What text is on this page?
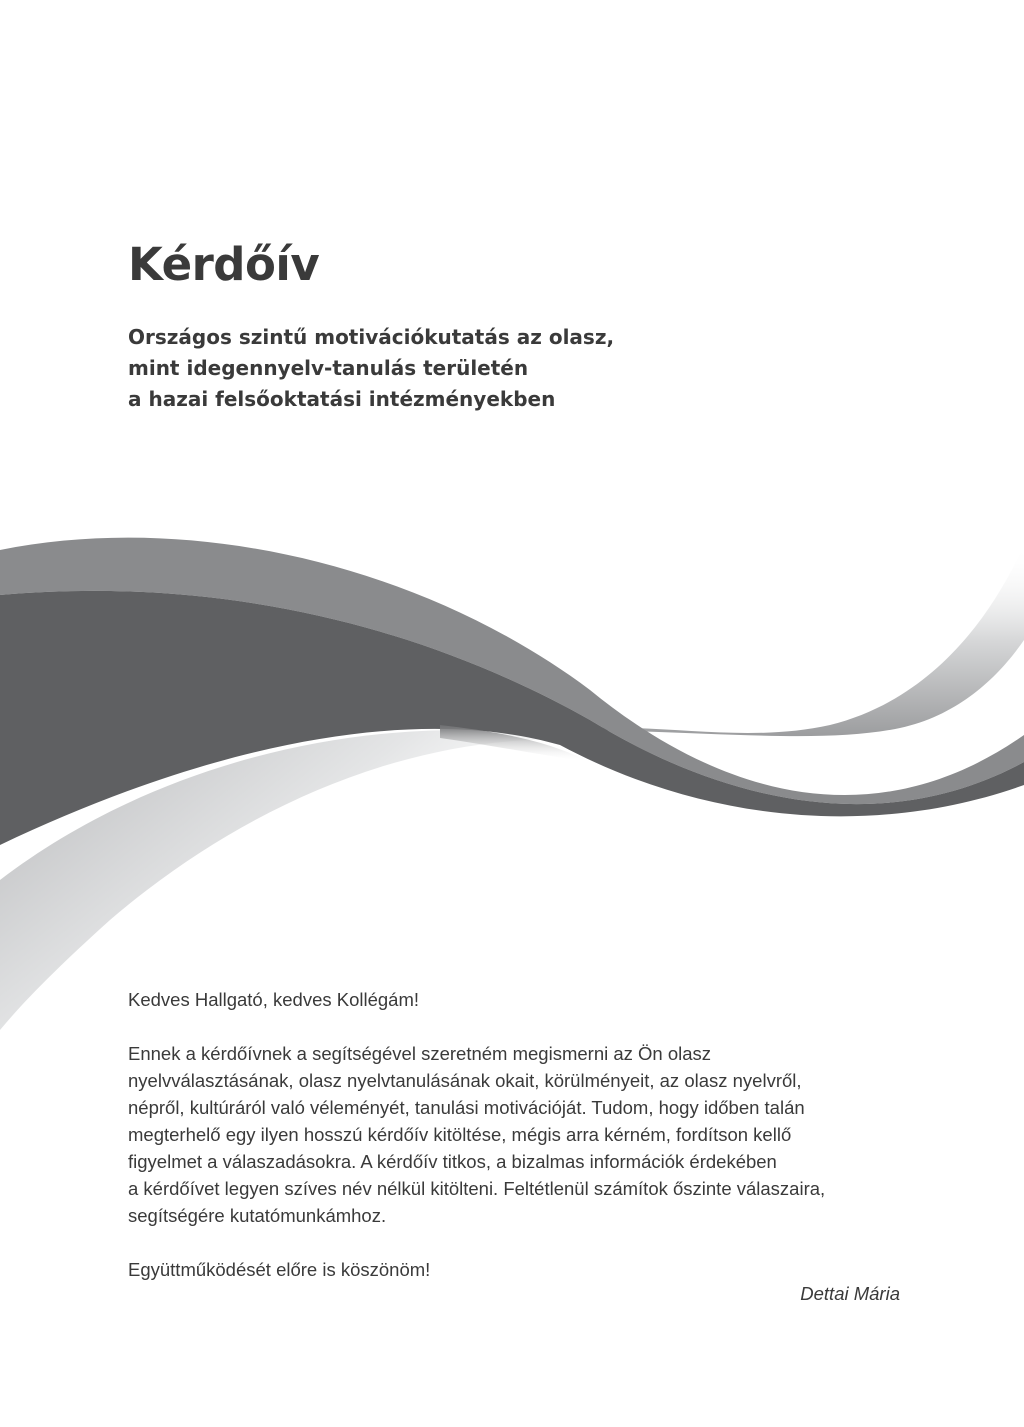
Kérdőív
Országos szintű motivációkutatás az olasz,
mint idegennyelv-tanulás területén
a hazai felsőoktatási intézményekben

Kedves Hallgató, kedves Kollégám!

Ennek a kérdőívnek a segítségével szeretném megismerni az Ön olasz
nyelvválasztásának, olasz nyelvtanulásának okait, körülményeit, az olasz nyelvről,
népről, kultúráról való véleményét, tanulási motivációját. Tudom, hogy időben talán
megterhelő egy ilyen hosszú kérdőív kitöltése, mégis arra kérném, fordítson kellő
figyelmet a válaszadásokra. A kérdőív titkos, a bizalmas információk érdekében
a kérdőívet legyen szíves név nélkül kitölteni. Feltétlenül számítok őszinte válaszaira,
segítségére kutatómunkámhoz.

Együttműködését előre is köszönöm!

Dettai Mária
